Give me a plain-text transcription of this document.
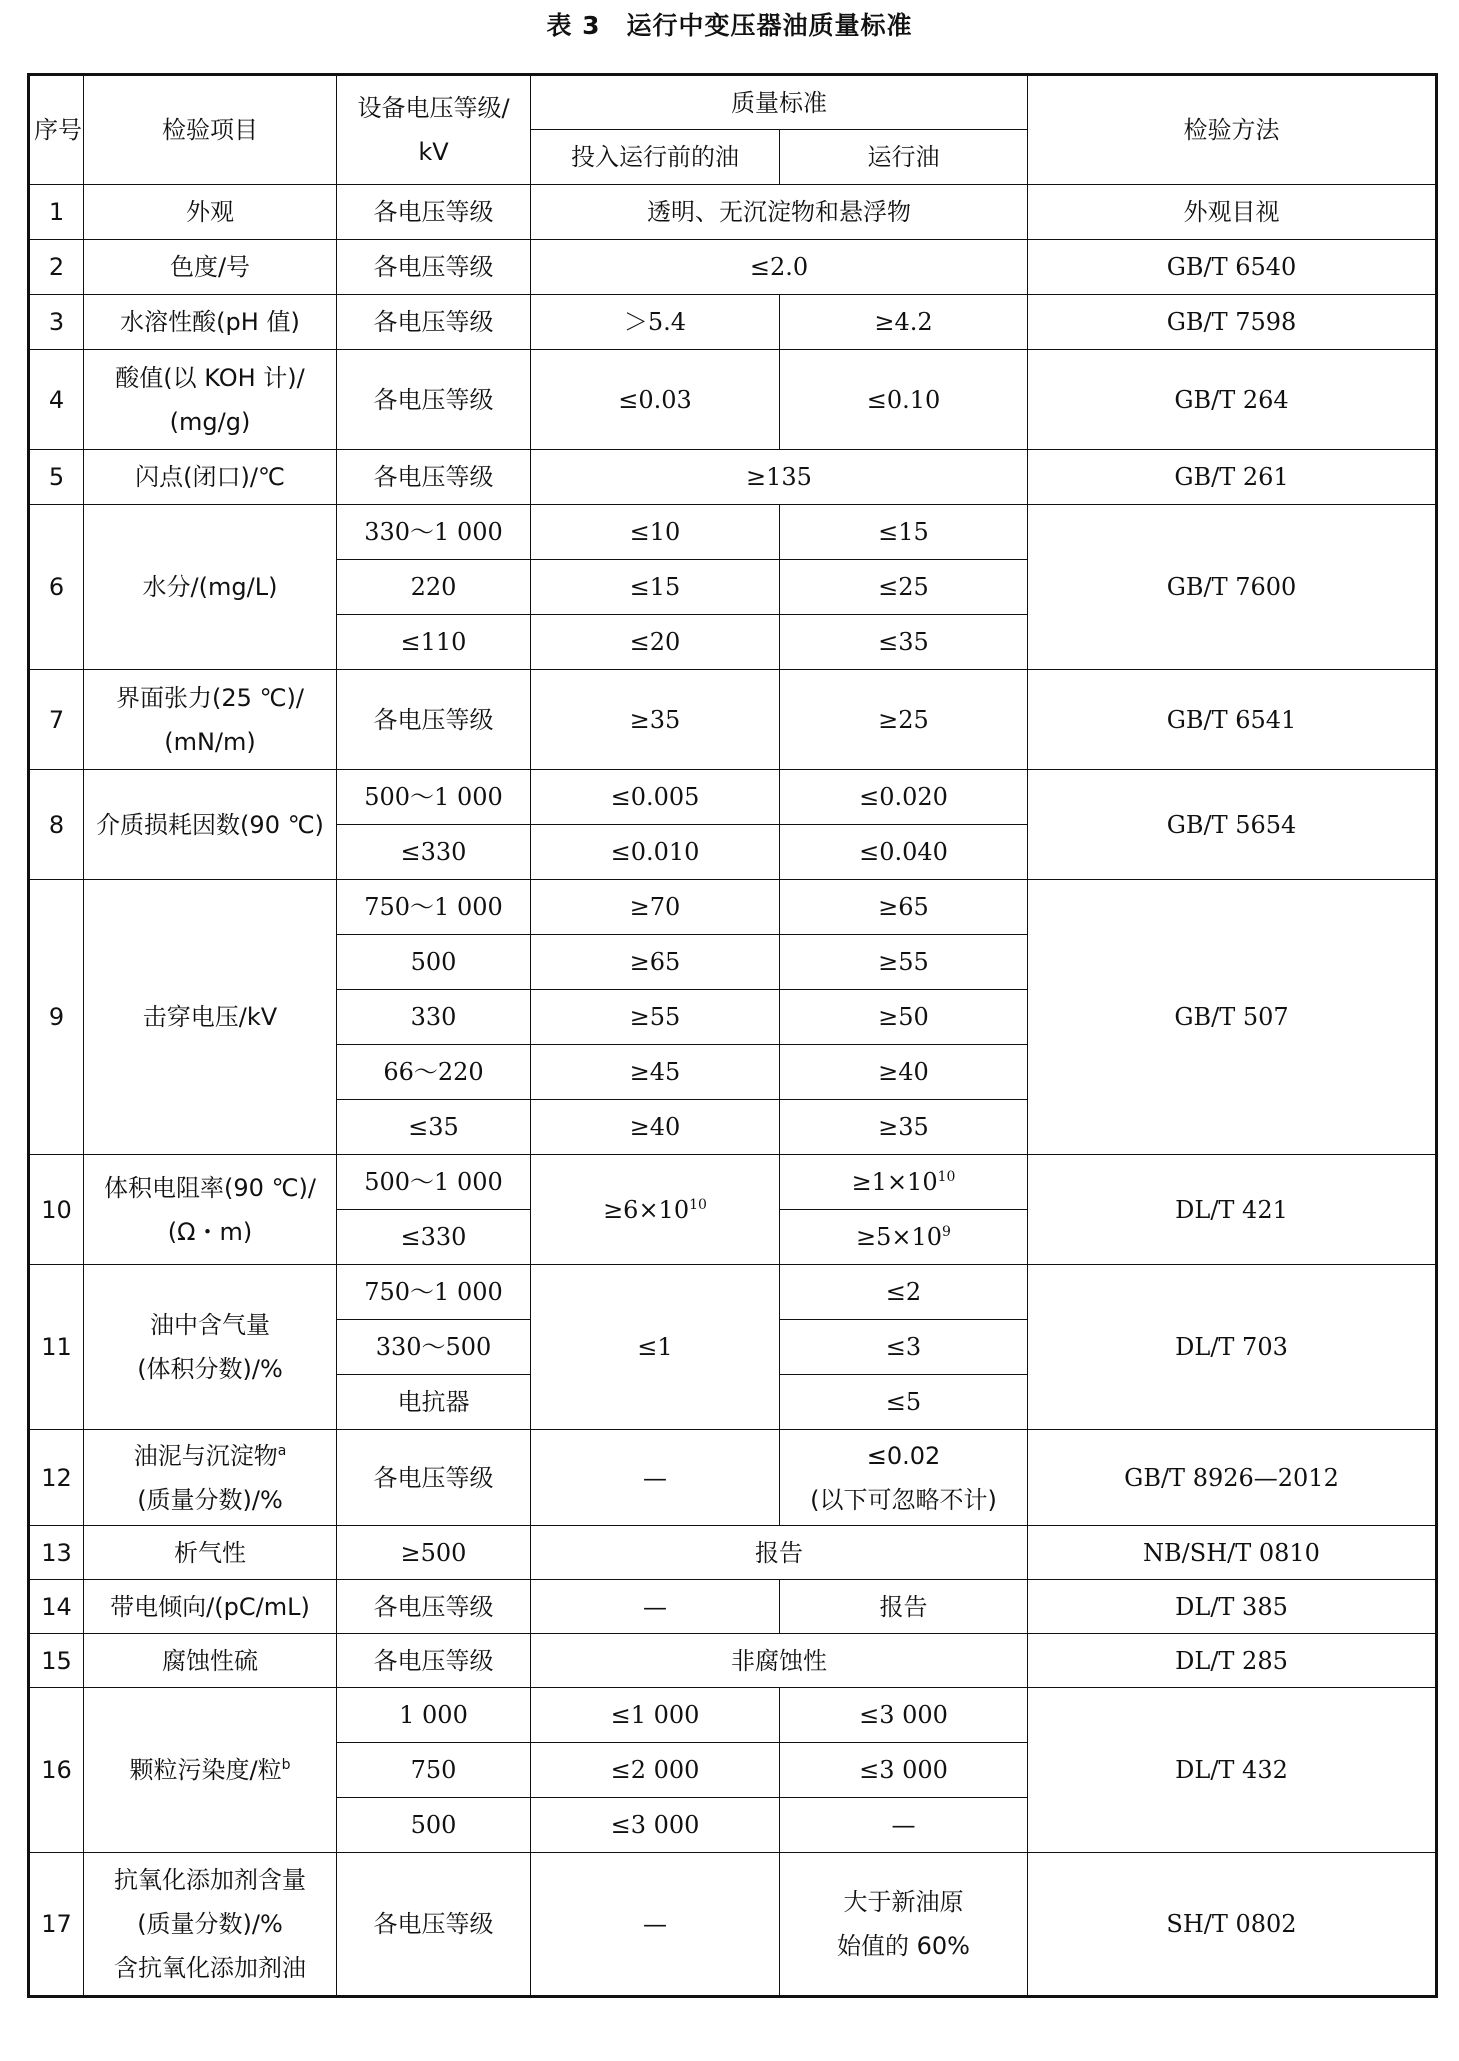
表 3　运行中变压器油质量标准
序号	检验项目	设备电压等级/
kV	质量标准		检验方法
			投入运行前的油	运行油	
1	外观	各电压等级	透明、无沉淀物和悬浮物		外观目视
2	色度/号	各电压等级	≤2.0		GB/T 6540
3	水溶性酸(pH 值)	各电压等级	＞5.4	≥4.2	GB/T 7598
4	酸值(以 KOH 计)/
(mg/g)	各电压等级	≤0.03	≤0.10	GB/T 264
5	闪点(闭口)/℃	各电压等级	≥135		GB/T 261
6	水分/(mg/L)	330～1 000	≤10	≤15	GB/T 7600
		220	≤15	≤25	
		≤110	≤20	≤35	
7	界面张力(25 ℃)/
(mN/m)	各电压等级	≥35	≥25	GB/T 6541
8	介质损耗因数(90 ℃)	500～1 000	≤0.005	≤0.020	GB/T 5654
		≤330	≤0.010	≤0.040	
9	击穿电压/kV	750～1 000	≥70	≥65	GB/T 507
		500	≥65	≥55	
		330	≥55	≥50	
		66～220	≥45	≥40	
		≤35	≥40	≥35	
10	体积电阻率(90 ℃)/
(Ω・m)	500～1 000	$\ge 6\times 10^{10}$	$\ge 1\times 10^{10}$	DL/T 421
		≤330		$\ge 5\times 10^9$
11	油中含气量
(体积分数)/%	750～1 000	≤1	≤2	DL/T 703
		330～500		≤3	
		电抗器		≤5	
12	油泥与沉淀物$^a$
(质量分数)/%	各电压等级	—	≤0.02
(以下可忽略不计)	GB/T 8926—2012
13	析气性	≥500	报告		NB/SH/T 0810
14	带电倾向/(pC/mL)	各电压等级	—	报告	DL/T 385
15	腐蚀性硫	各电压等级	非腐蚀性		DL/T 285
16	颗粒污染度/粒$^b$	1 000	≤1 000	≤3 000	DL/T 432
		750	≤2 000	≤3 000	
		500	≤3 000	—	
17	抗氧化添加剂含量
(质量分数)/%
含抗氧化添加剂油	各电压等级	—	大于新油原
始值的 60%	SH/T 0802
